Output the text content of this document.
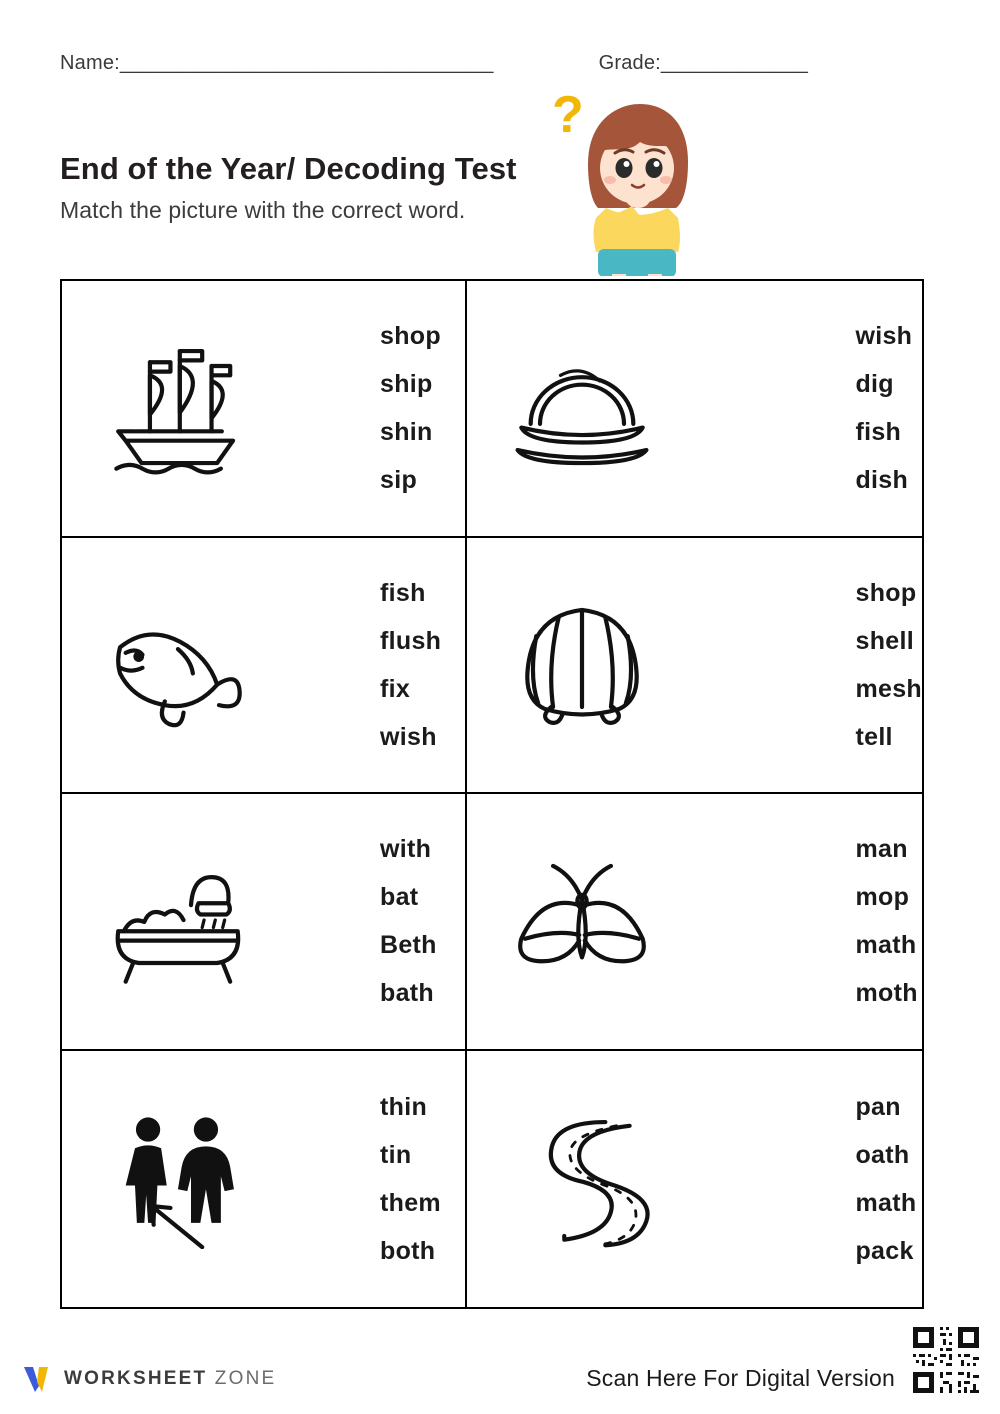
Name:_________________________________	Grade:_____________
End of the Year/ Decoding Test
Match the picture with the correct word.
?
shop
ship
shin
sip
wish
dig
fish
dish
fish
flush
fix
wish
shop
shell
mesh
tell
with
bat
Beth
bath
man
mop
math
moth
thin
tin
them
both
pan
oath
math
pack
WORKSHEET ZONE	Scan Here For Digital Version
